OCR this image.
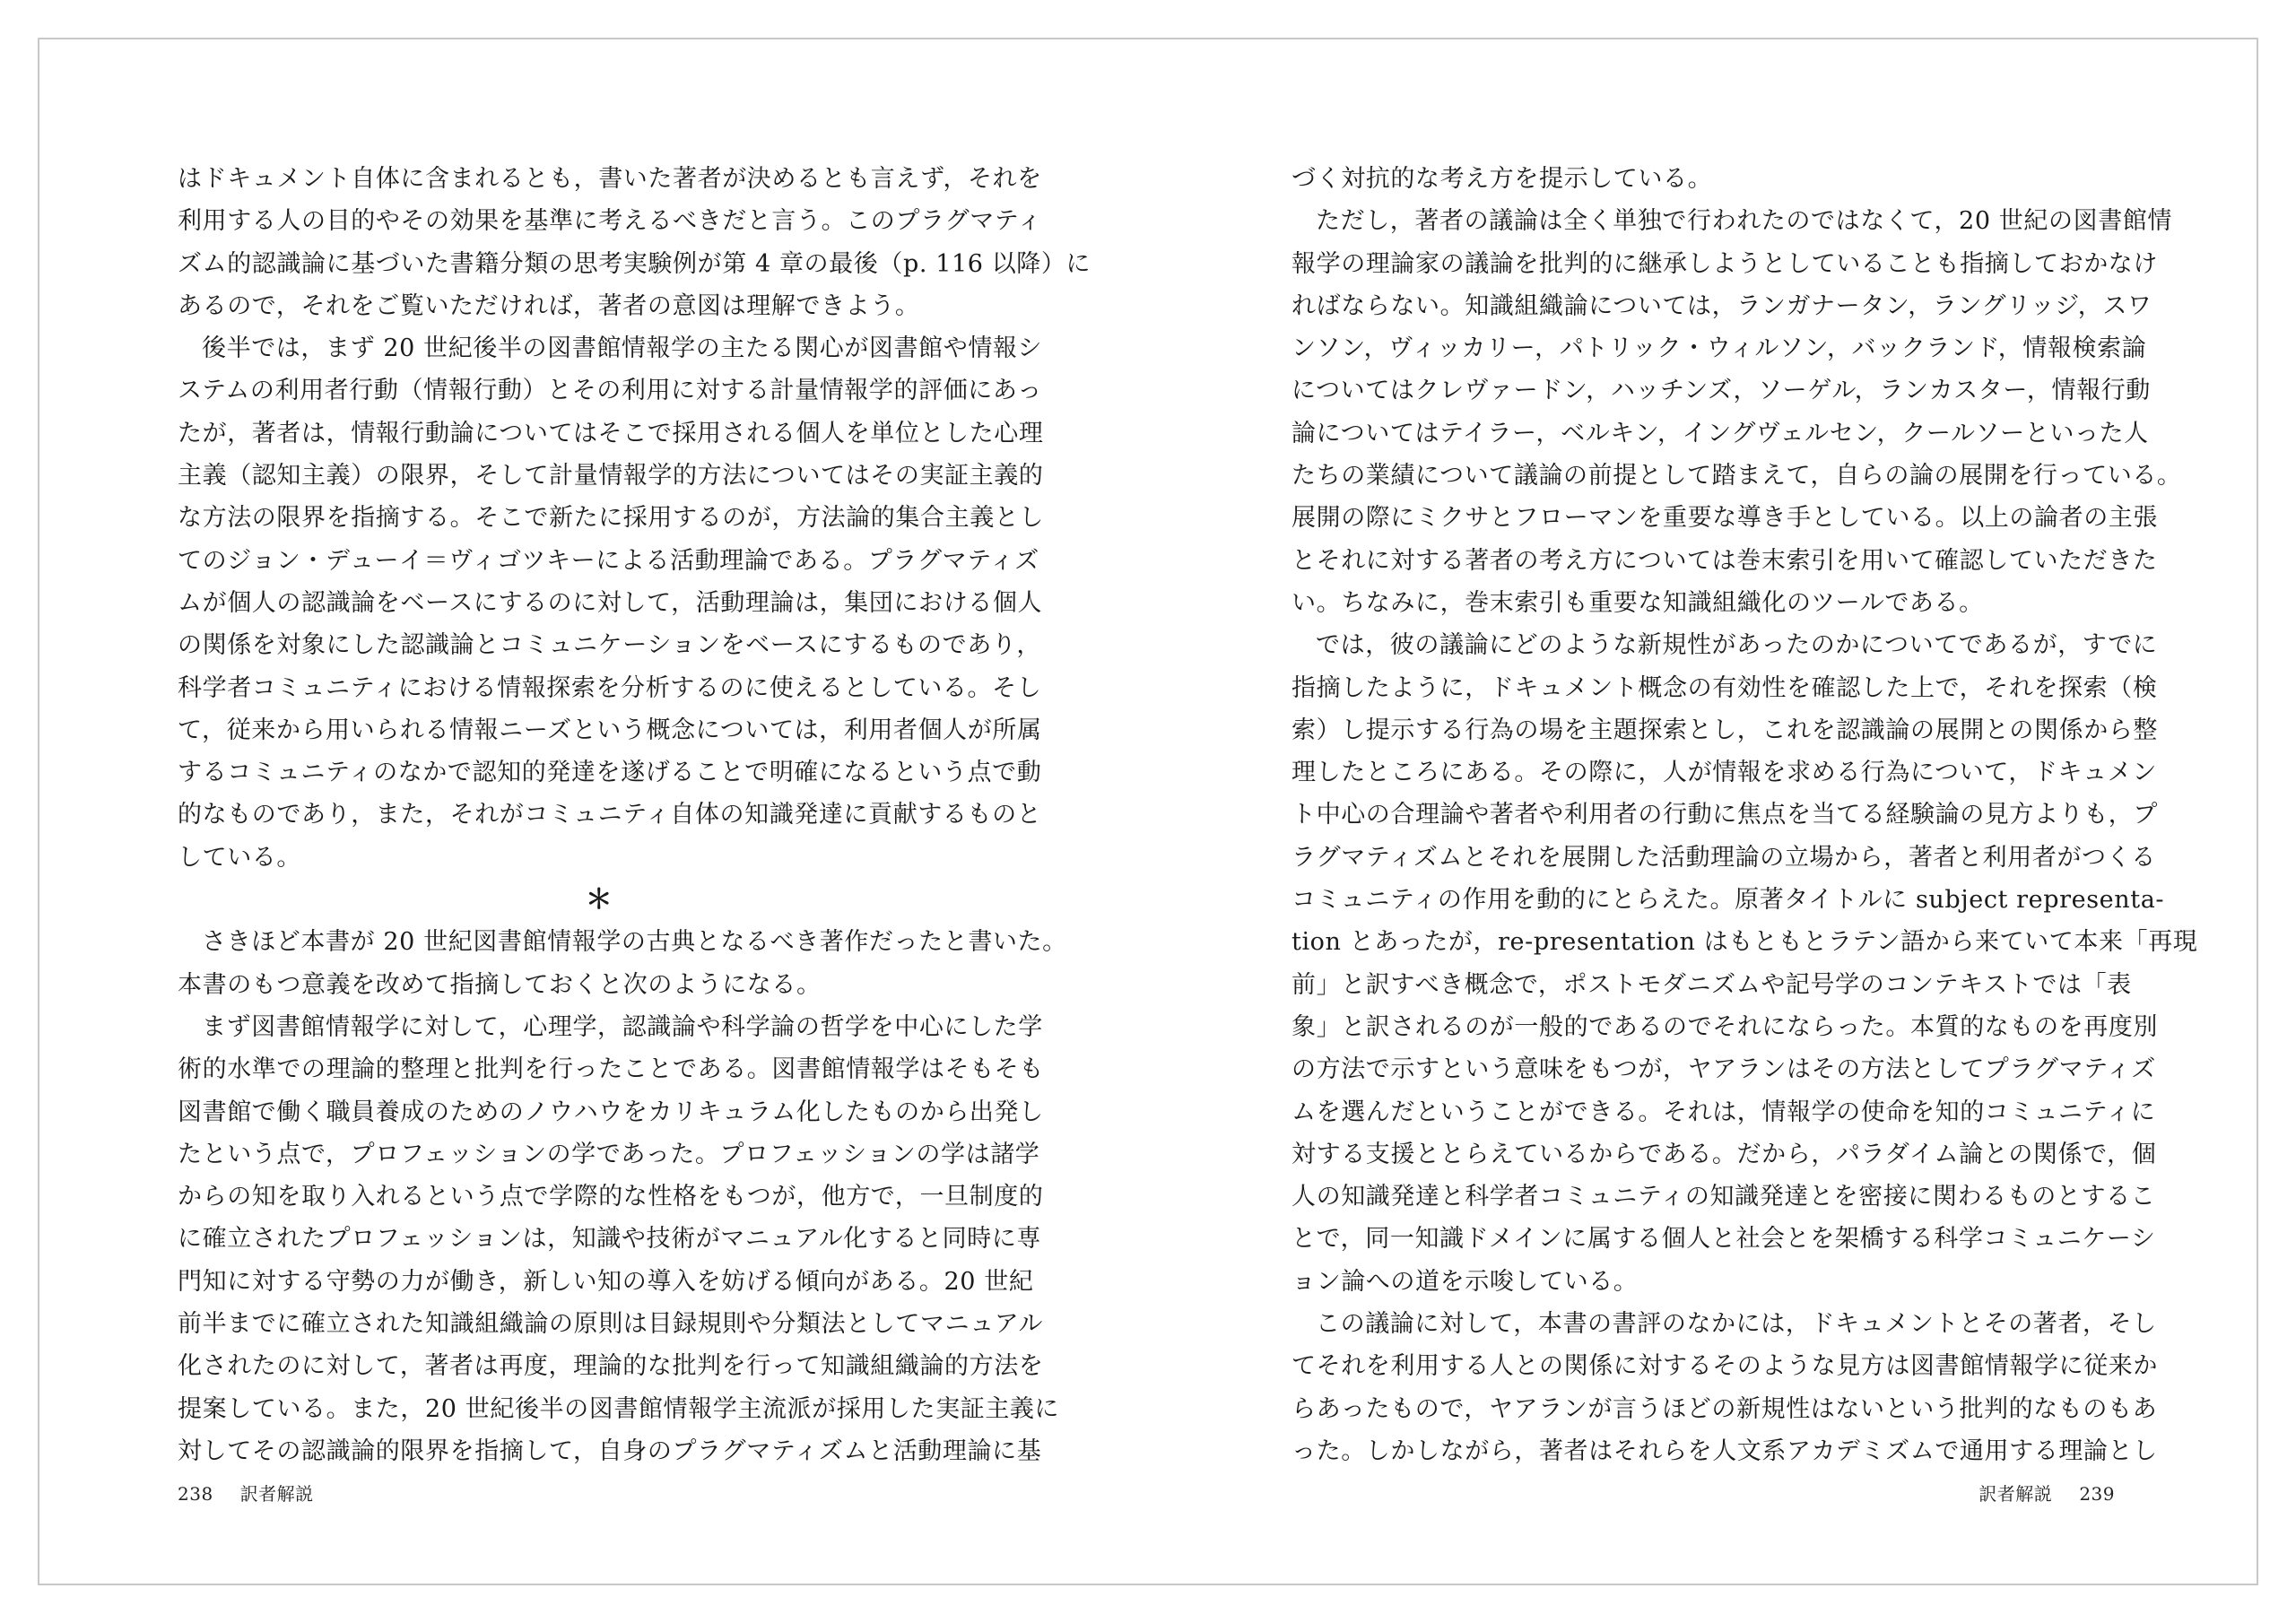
はドキュメント自体に含まれるとも，書いた著者が決めるとも言えず，それを
利用する人の目的やその効果を基準に考えるべきだと言う。このプラグマティ
ズム的認識論に基づいた書籍分類の思考実験例が第 4 章の最後（p. 116 以降）に
あるので，それをご覧いただければ，著者の意図は理解できよう。
後半では，まず 20 世紀後半の図書館情報学の主たる関心が図書館や情報シ
ステムの利用者行動（情報行動）とその利用に対する計量情報学的評価にあっ
たが，著者は，情報行動論についてはそこで採用される個人を単位とした心理
主義（認知主義）の限界，そして計量情報学的方法についてはその実証主義的
な方法の限界を指摘する。そこで新たに採用するのが，方法論的集合主義とし
てのジョン・デューイ＝ヴィゴツキーによる活動理論である。プラグマティズ
ムが個人の認識論をベースにするのに対して，活動理論は，集団における個人
の関係を対象にした認識論とコミュニケーションをベースにするものであり，
科学者コミュニティにおける情報探索を分析するのに使えるとしている。そし
て，従来から用いられる情報ニーズという概念については，利用者個人が所属
するコミュニティのなかで認知的発達を遂げることで明確になるという点で動
的なものであり，また，それがコミュニティ自体の知識発達に貢献するものと
している。
＊
さきほど本書が 20 世紀図書館情報学の古典となるべき著作だったと書いた。
本書のもつ意義を改めて指摘しておくと次のようになる。
まず図書館情報学に対して，心理学，認識論や科学論の哲学を中心にした学
術的水準での理論的整理と批判を行ったことである。図書館情報学はそもそも
図書館で働く職員養成のためのノウハウをカリキュラム化したものから出発し
たという点で，プロフェッションの学であった。プロフェッションの学は諸学
からの知を取り入れるという点で学際的な性格をもつが，他方で，一旦制度的
に確立されたプロフェッションは，知識や技術がマニュアル化すると同時に専
門知に対する守勢の力が働き，新しい知の導入を妨げる傾向がある。20 世紀
前半までに確立された知識組織論の原則は目録規則や分類法としてマニュアル
化されたのに対して，著者は再度，理論的な批判を行って知識組織論的方法を
提案している。また，20 世紀後半の図書館情報学主流派が採用した実証主義に
対してその認識論的限界を指摘して，自身のプラグマティズムと活動理論に基
づく対抗的な考え方を提示している。
ただし，著者の議論は全く単独で行われたのではなくて，20 世紀の図書館情
報学の理論家の議論を批判的に継承しようとしていることも指摘しておかなけ
ればならない。知識組織論については，ランガナータン，ラングリッジ，スワ
ンソン，ヴィッカリー，パトリック・ウィルソン，バックランド，情報検索論
についてはクレヴァードン，ハッチンズ，ソーゲル，ランカスター，情報行動
論についてはテイラー，ベルキン，イングヴェルセン，クールソーといった人
たちの業績について議論の前提として踏まえて，自らの論の展開を行っている。
展開の際にミクサとフローマンを重要な導き手としている。以上の論者の主張
とそれに対する著者の考え方については巻末索引を用いて確認していただきた
い。ちなみに，巻末索引も重要な知識組織化のツールである。
では，彼の議論にどのような新規性があったのかについてであるが，すでに
指摘したように，ドキュメント概念の有効性を確認した上で，それを探索（検
索）し提示する行為の場を主題探索とし，これを認識論の展開との関係から整
理したところにある。その際に，人が情報を求める行為について，ドキュメン
ト中心の合理論や著者や利用者の行動に焦点を当てる経験論の見方よりも，プ
ラグマティズムとそれを展開した活動理論の立場から，著者と利用者がつくる
コミュニティの作用を動的にとらえた。原著タイトルに subject representa-
tion とあったが，re-presentation はもともとラテン語から来ていて本来「再現
前」と訳すべき概念で，ポストモダニズムや記号学のコンテキストでは「表
象」と訳されるのが一般的であるのでそれにならった。本質的なものを再度別
の方法で示すという意味をもつが，ヤアランはその方法としてプラグマティズ
ムを選んだということができる。それは，情報学の使命を知的コミュニティに
対する支援ととらえているからである。だから，パラダイム論との関係で，個
人の知識発達と科学者コミュニティの知識発達とを密接に関わるものとするこ
とで，同一知識ドメインに属する個人と社会とを架橋する科学コミュニケーシ
ョン論への道を示唆している。
この議論に対して，本書の書評のなかには，ドキュメントとその著者，そし
てそれを利用する人との関係に対するそのような見方は図書館情報学に従来か
らあったもので，ヤアランが言うほどの新規性はないという批判的なものもあ
った。しかしながら，著者はそれらを人文系アカデミズムで通用する理論とし
238 訳者解説	訳者解説 239
